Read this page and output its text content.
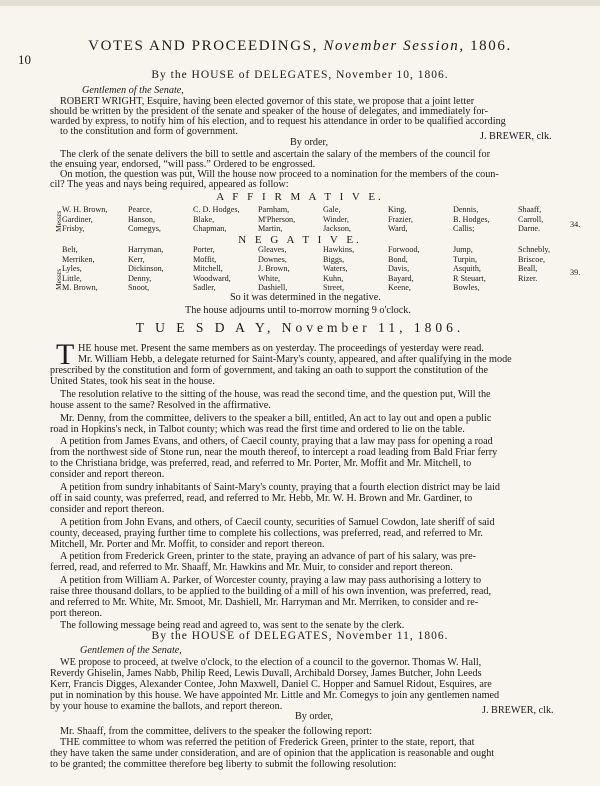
10
VOTES AND PROCEEDINGS, November Session, 1806.
By the HOUSE of DELEGATES, November 10, 1806.
Gentlemen of the Senate,
ROBERT WRIGHT, Esquire, having been elected governor of this state, we propose that a joint letter
should be written by the president of the senate and speaker of the house of delegates, and immediately for-
warded by express, to notify him of his election, and to request his attendance in order to be qualified according
to the constitution and form of government.
By order,
J. BREWER, clk.
The clerk of the senate delivers the bill to settle and ascertain the salary of the members of the council for
the ensuing year, endorsed, “will pass.” Ordered to be engrossed.
On motion, the question was put, Will the house now proceed to a nomination for the members of the coun-
cil? The yeas and nays being required, appeared as follow:
A F F I R M A T I V E.
Messrs
W. H. Brown,
Gardiner,
Frisby,
Pearce,
Hanson,
Comegys,
C. D. Hodges,
Blake,
Chapman,
Parnham,
M'Pherson,
Martin,
Gale,
Winder,
Jackson,
King,
Frazier,
Ward,
Dennis,
B. Hodges,
Callis;
Shaaff,
Carroll,
Darne.	34.
N E G A T I V E.
Messrs
Belt,
Merriken,
Lyles,
Little,
M. Brown,
Harryman,
Kerr,
Dickinson,
Denny,
Snoot,
Porter,
Moffit,
Mitchell,
Woodward,
Sadler,
Gleaves,
Downes,
J. Brown,
White,
Dashiell,
Hawkins,
Biggs,
Waters,
Kuhn,
Street,
Forwood,
Bond,
Davis,
Bayard,
Keene,
Jump,
Turpin,
Asquith,
R Steuart,
Bowles,
Schnebly,
Briscoe,
Beall,
Rizer.
39.
So it was determined in the negative.
The house adjourns until to-morrow morning 9 o'clock.
T U E S D A Y, November 11, 1806.
T HE house met. Present the same members as on yesterday. The proceedings of yesterday were read.
Mr. William Hebb, a delegate returned for Saint-Mary's county, appeared, and after qualifying in the mode
prescribed by the constitution and form of government, and taking an oath to support the constitution of the
United States, took his seat in the house.
The resolution relative to the sitting of the house, was read the second time, and the question put, Will the
house assent to the same? Resolved in the affirmative.
Mr. Denny, from the committee, delivers to the speaker a bill, entitled, An act to lay out and open a public
road in Hopkins's neck, in Talbot county; which was read the first time and ordered to lie on the table.
A petition from James Evans, and others, of Caecil county, praying that a law may pass for opening a road
from the northwest side of Stone run, near the mouth thereof, to intercept a road leading from Bald Friar ferry
to the Christiana bridge, was preferred, read, and referred to Mr. Porter, Mr. Moffit and Mr. Mitchell, to
consider and report thereon.
A petition from sundry inhabitants of Saint-Mary's county, praying that a fourth election district may be laid
off in said county, was preferred, read, and referred to Mr. Hebb, Mr. W. H. Brown and Mr. Gardiner, to
consider and report thereon.
A petition from John Evans, and others, of Caecil county, securities of Samuel Cowdon, late sheriff of said
county, deceased, praying further time to complete his collections, was preferred, read, and referred to Mr.
Mitchell, Mr. Porter and Mr. Moffit, to consider and report thereon.
A petition from Frederick Green, printer to the state, praying an advance of part of his salary, was pre-
ferred, read, and referred to Mr. Shaaff, Mr. Hawkins and Mr. Muir, to consider and report thereon.
A petition from William A. Parker, of Worcester county, praying a law may pass authorising a lottery to
raise three thousand dollars, to be applied to the building of a mill of his own invention, was preferred, read,
and referred to Mr. White, Mr. Smoot, Mr. Dashiell, Mr. Harryman and Mr. Merriken, to consider and re-
port thereon.
The following message being read and agreed to, was sent to the senate by the clerk.
By the HOUSE of DELEGATES, November 11, 1806.
Gentlemen of the Senate,
WE propose to proceed, at twelve o'clock, to the election of a council to the governor. Thomas W. Hall,
Reverdy Ghiselin, James Nabb, Philip Reed, Lewis Duvall, Archibald Dorsey, James Butcher, John Leeds
Kerr, Francis Digges, Alexander Contee, John Maxwell, Daniel C. Hopper and Samuel Ridout, Esquires, are
put in nomination by this house. We have appointed Mr. Little and Mr. Comegys to join any gentlemen named
by your house to examine the ballots, and report thereon.
By order,
J. BREWER, clk.
Mr. Shaaff, from the committee, delivers to the speaker the following report:
THE committee to whom was referred the petition of Frederick Green, printer to the state, report, that
they have taken the same under consideration, and are of opinion that the application is reasonable and ought
to be granted; the committee therefore beg liberty to submit the following resolution:
